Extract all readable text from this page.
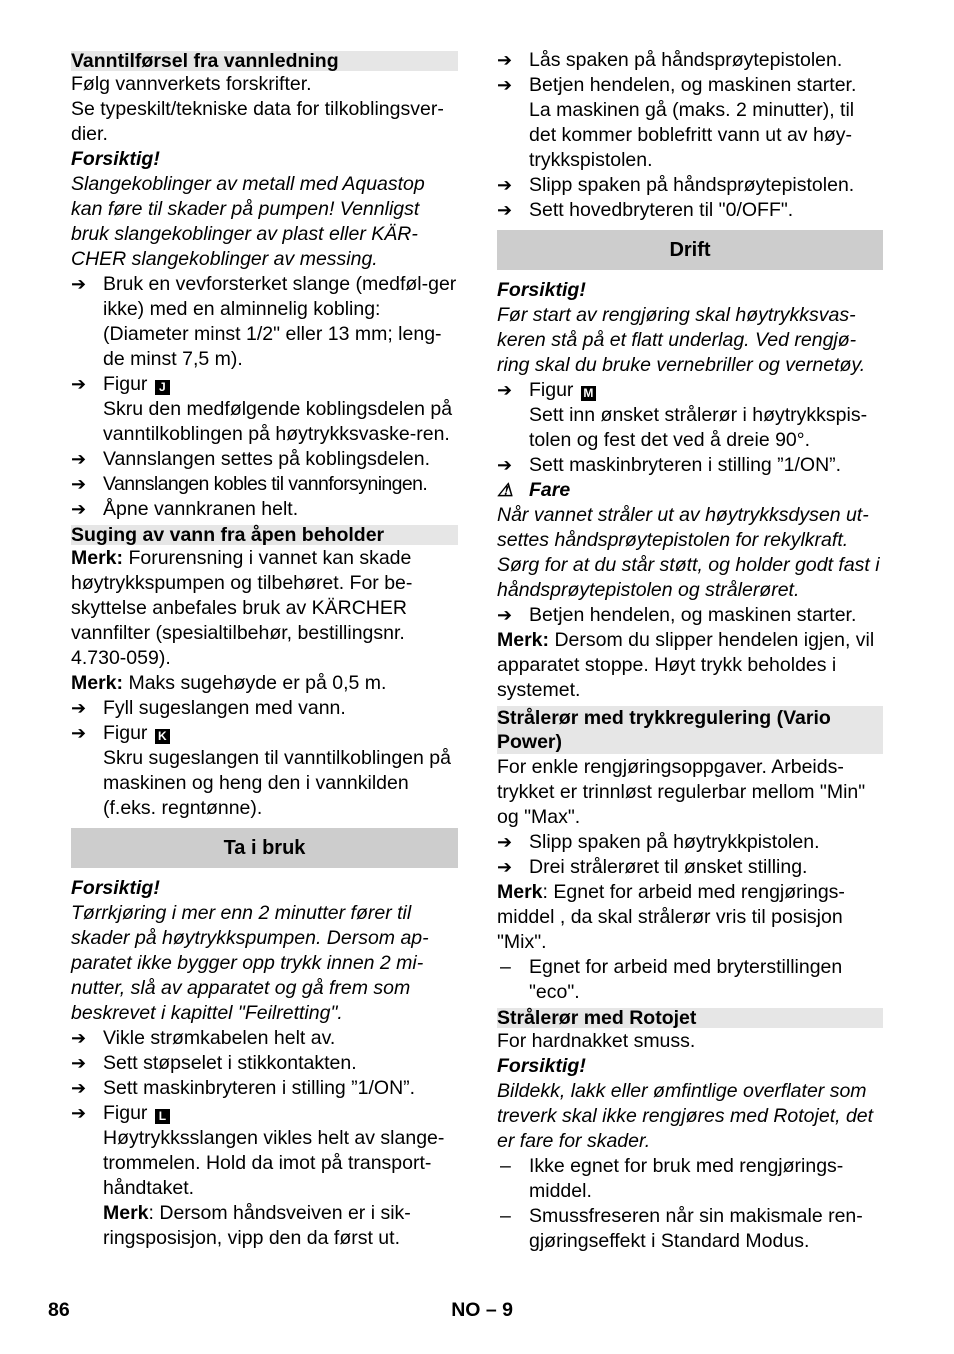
Vanntilførsel fra vannledning
Følg vannverkets forskrifter.
Se typeskilt/tekniske data for tilkoblingsver-dier.
Forsiktig!
Slangekoblinger av metall med Aquastop kan føre til skader på pumpen! Vennligst bruk slangekoblinger av plast eller KÄR-CHER slangekoblinger av messing.
➔ Bruk en vevforsterket slange (medføl-ger ikke) med en alminnelig kobling: (Diameter minst 1/2" eller 13 mm; leng-de minst 7,5 m).
➔ Figur J
Skru den medfølgende koblingsdelen på vanntilkoblingen på høytrykksvaske-ren.
➔ Vannslangen settes på koblingsdelen.
➔ Vannslangen kobles til vannforsyningen.
➔ Åpne vannkranen helt.
Suging av vann fra åpen beholder
Merk: Forurensning i vannet kan skade høytrykkspumpen og tilbehøret. For be-skyttelse anbefales bruk av KÄRCHER vannfilter (spesialtilbehør, bestillingsnr. 4.730-059).
Merk: Maks sugehøyde er på 0,5 m.
➔ Fyll sugeslangen med vann.
➔ Figur K
Skru sugeslangen til vanntilkoblingen på maskinen og heng den i vannkilden (f.eks. regntønne).
Ta i bruk
Forsiktig!
Tørrkjøring i mer enn 2 minutter fører til skader på høytrykkspumpen. Dersom ap-paratet ikke bygger opp trykk innen 2 mi-nutter, slå av apparatet og gå frem som beskrevet i kapittel "Feilretting".
➔ Vikle strømkabelen helt av.
➔ Sett støpselet i stikkontakten.
➔ Sett maskinbryteren i stilling ”1/ON”.
➔ Figur L
Høytrykksslangen vikles helt av slange-trommelen. Hold da imot på transport-håndtaket.
Merk: Dersom håndsveiven er i sik-ringsposisjon, vipp den da først ut.
➔ Lås spaken på håndsprøytepistolen.
➔ Betjen hendelen, og maskinen starter. La maskinen gå (maks. 2 minutter), til det kommer boblefritt vann ut av høy-trykkspistolen.
➔ Slipp spaken på håndsprøytepistolen.
➔ Sett hovedbryteren til "0/OFF".
Drift
Forsiktig!
Før start av rengjøring skal høytrykksvas-keren stå på et flatt underlag. Ved rengjø-ring skal du bruke vernebriller og vernetøy.
➔ Figur M
Sett inn ønsket strålerør i høytrykkspis-tolen og fest det ved å dreie 90°.
➔ Sett maskinbryteren i stilling ”1/ON”.
⚠ Fare
Når vannet stråler ut av høytrykksdysen ut-settes håndsprøytepistolen for rekylkraft. Sørg for at du står støtt, og holder godt fast i håndsprøytepistolen og strålerøret.
➔ Betjen hendelen, og maskinen starter.
Merk: Dersom du slipper hendelen igjen, vil apparatet stoppe. Høyt trykk beholdes i systemet.
Strålerør med trykkregulering (Vario Power)
For enkle rengjøringsoppgaver. Arbeids-trykket er trinnløst regulerbar mellom "Min" og "Max".
➔ Slipp spaken på høytrykkpistolen.
➔ Drei strålerøret til ønsket stilling.
Merk: Egnet for arbeid med rengjørings-middel , da skal strålerør vris til posisjon "Mix".
– Egnet for arbeid med bryterstillingen "eco".
Strålerør med Rotojet
For hardnakket smuss.
Forsiktig!
Bildekk, lakk eller ømfintlige overflater som treverk skal ikke rengjøres med Rotojet, det er fare for skader.
– Ikke egnet for bruk med rengjørings-middel.
– Smussfreseren når sin makismale ren-gjøringseffekt i Standard Modus.
86	NO – 9
